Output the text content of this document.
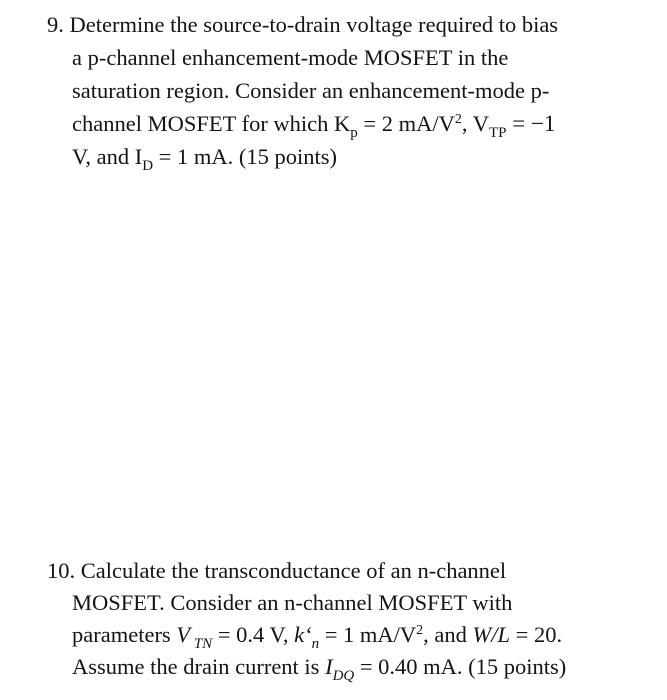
9. Determine the source-to-drain voltage required to bias
a p-channel enhancement-mode MOSFET in the
saturation region. Consider an enhancement-mode p-
channel MOSFET for which $K_p = 2$ $mA/V^2$, $V_{TP} = -1$
V, and $I_D = 1$ mA. (15 points)
10. Calculate the transconductance of an n-channel
MOSFET. Consider an n-channel MOSFET with
parameters V $_{TN}$ = 0.4 V, $k‘_n = 1$ $mA/V^2$, and W/L = 20.
Assume the drain current is $I_{DQ} = 0.40$ mA. (15 points)
